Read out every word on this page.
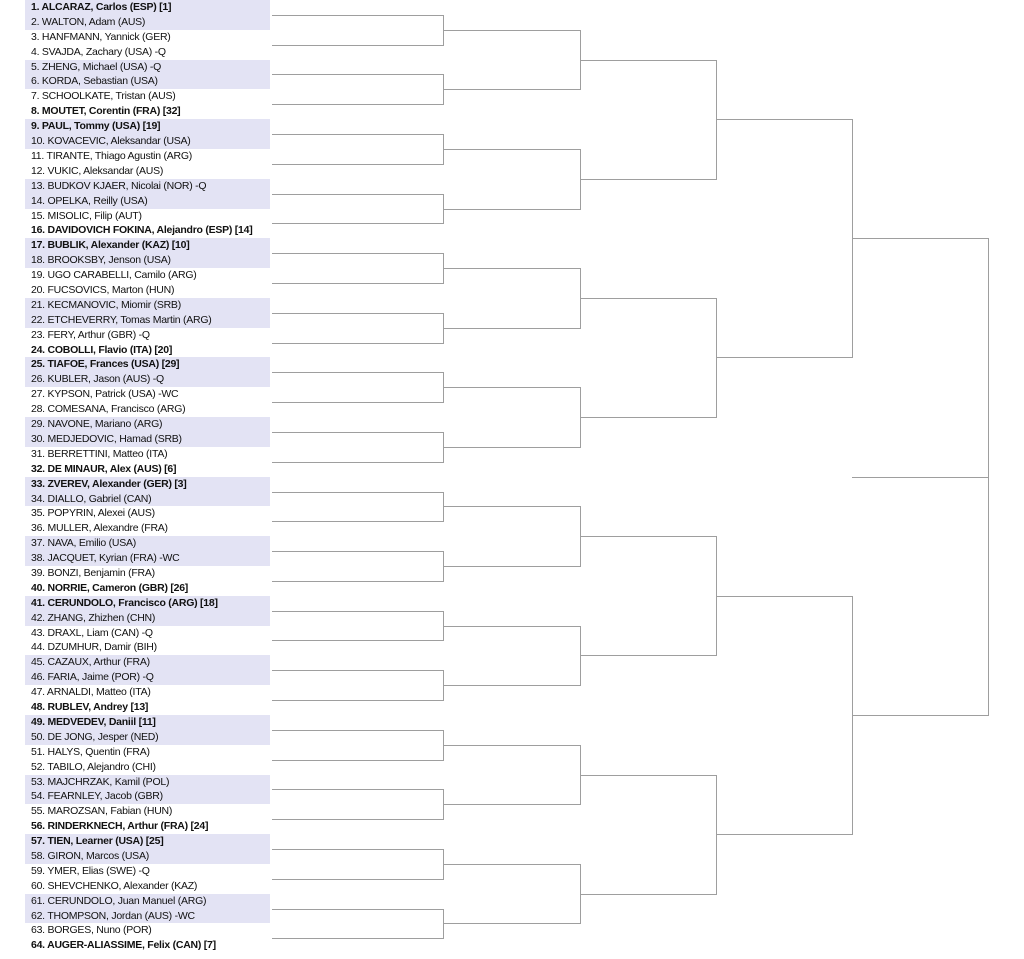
1. ALCARAZ, Carlos (ESP) [1]
2. WALTON, Adam (AUS)
3. HANFMANN, Yannick (GER)
4. SVAJDA, Zachary (USA) -Q
5. ZHENG, Michael (USA) -Q
6. KORDA, Sebastian (USA)
7. SCHOOLKATE, Tristan (AUS)
8. MOUTET, Corentin (FRA) [32]
9. PAUL, Tommy (USA) [19]
10. KOVACEVIC, Aleksandar (USA)
11. TIRANTE, Thiago Agustin (ARG)
12. VUKIC, Aleksandar (AUS)
13. BUDKOV KJAER, Nicolai (NOR) -Q
14. OPELKA, Reilly (USA)
15. MISOLIC, Filip (AUT)
16. DAVIDOVICH FOKINA, Alejandro (ESP) [14]
17. BUBLIK, Alexander (KAZ) [10]
18. BROOKSBY, Jenson (USA)
19. UGO CARABELLI, Camilo (ARG)
20. FUCSOVICS, Marton (HUN)
21. KECMANOVIC, Miomir (SRB)
22. ETCHEVERRY, Tomas Martin (ARG)
23. FERY, Arthur (GBR) -Q
24. COBOLLI, Flavio (ITA) [20]
25. TIAFOE, Frances (USA) [29]
26. KUBLER, Jason (AUS) -Q
27. KYPSON, Patrick (USA) -WC
28. COMESANA, Francisco (ARG)
29. NAVONE, Mariano (ARG)
30. MEDJEDOVIC, Hamad (SRB)
31. BERRETTINI, Matteo (ITA)
32. DE MINAUR, Alex (AUS) [6]
33. ZVEREV, Alexander (GER) [3]
34. DIALLO, Gabriel (CAN)
35. POPYRIN, Alexei (AUS)
36. MULLER, Alexandre (FRA)
37. NAVA, Emilio (USA)
38. JACQUET, Kyrian (FRA) -WC
39. BONZI, Benjamin (FRA)
40. NORRIE, Cameron (GBR) [26]
41. CERUNDOLO, Francisco (ARG) [18]
42. ZHANG, Zhizhen (CHN)
43. DRAXL, Liam (CAN) -Q
44. DZUMHUR, Damir (BIH)
45. CAZAUX, Arthur (FRA)
46. FARIA, Jaime (POR) -Q
47. ARNALDI, Matteo (ITA)
48. RUBLEV, Andrey [13]
49. MEDVEDEV, Daniil [11]
50. DE JONG, Jesper (NED)
51. HALYS, Quentin (FRA)
52. TABILO, Alejandro (CHI)
53. MAJCHRZAK, Kamil (POL)
54. FEARNLEY, Jacob (GBR)
55. MAROZSAN, Fabian (HUN)
56. RINDERKNECH, Arthur (FRA) [24]
57. TIEN, Learner (USA) [25]
58. GIRON, Marcos (USA)
59. YMER, Elias (SWE) -Q
60. SHEVCHENKO, Alexander (KAZ)
61. CERUNDOLO, Juan Manuel (ARG)
62. THOMPSON, Jordan (AUS) -WC
63. BORGES, Nuno (POR)
64. AUGER-ALIASSIME, Felix (CAN) [7]
